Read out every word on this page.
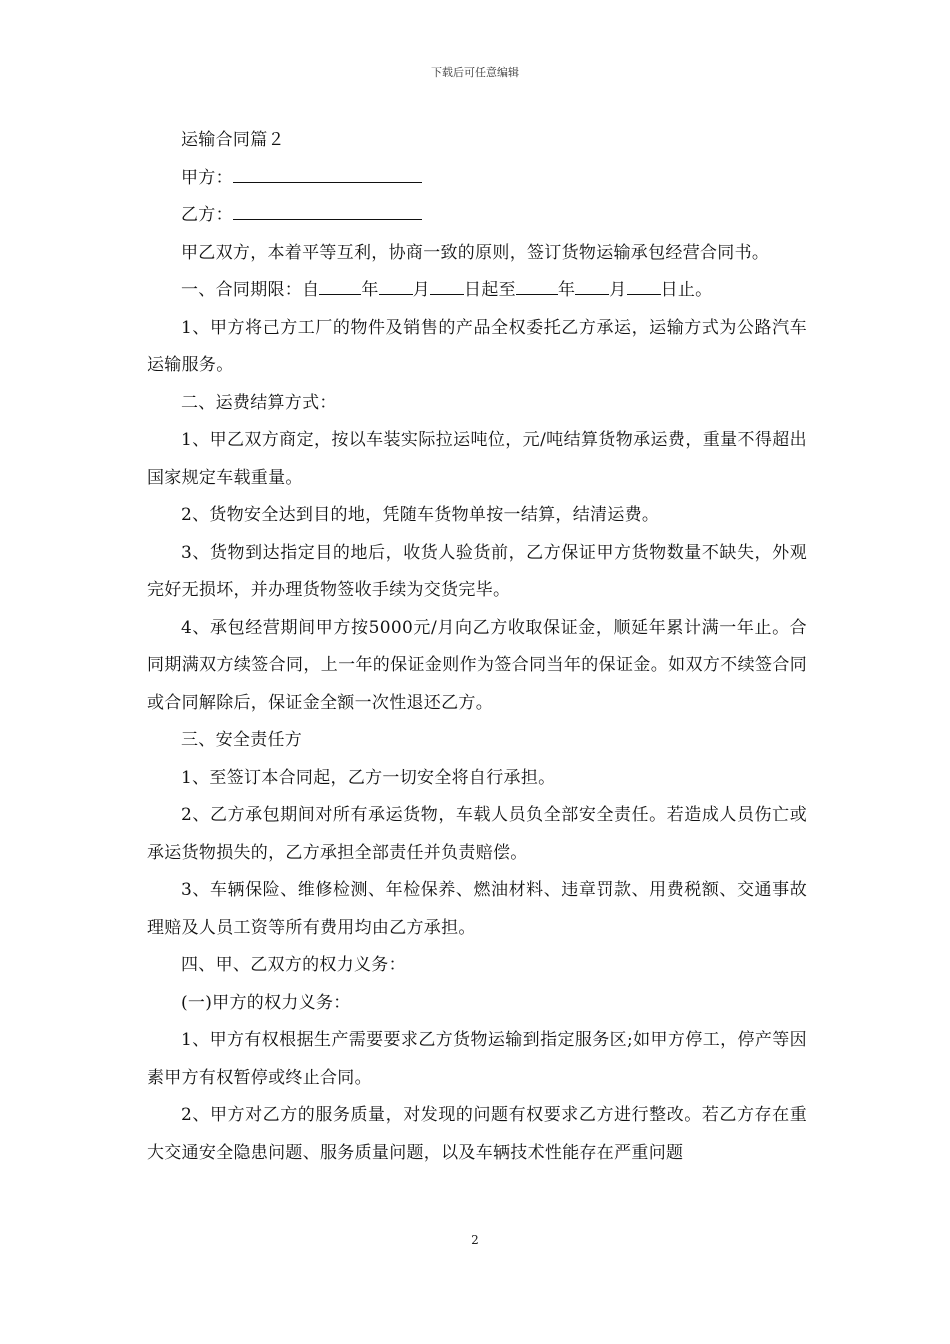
下载后可任意编辑

运输合同篇２

甲方：

乙方：

甲乙双方，本着平等互利，协商一致的原则，签订货物运输承包经营合同书。

一、合同期限：自 年 月 日起至 年 月 日止。

1、甲方将己方工厂的物件及销售的产品全权委托乙方承运，运输方式为公路汽车运输服务。

二、运费结算方式：

1、甲乙双方商定，按以车装实际拉运吨位，元/吨结算货物承运费，重量不得超出国家规定车载重量。

2、货物安全达到目的地，凭随车货物单按一结算，结清运费。

3、货物到达指定目的地后，收货人验货前，乙方保证甲方货物数量不缺失，外观完好无损坏，并办理货物签收手续为交货完毕。

4、承包经营期间甲方按5000元/月向乙方收取保证金，顺延年累计满一年止。合同期满双方续签合同，上一年的保证金则作为签合同当年的保证金。如双方不续签合同或合同解除后，保证金全额一次性退还乙方。

三、安全责任方

1、至签订本合同起，乙方一切安全将自行承担。

2、乙方承包期间对所有承运货物，车载人员负全部安全责任。若造成人员伤亡或承运货物损失的，乙方承担全部责任并负责赔偿。

3、车辆保险、维修检测、年检保养、燃油材料、违章罚款、用费税额、交通事故理赔及人员工资等所有费用均由乙方承担。

四、甲、乙双方的权力义务：

(一)甲方的权力义务：

1、甲方有权根据生产需要要求乙方货物运输到指定服务区;如甲方停工，停产等因素甲方有权暂停或终止合同。

2、甲方对乙方的服务质量，对发现的问题有权要求乙方进行整改。若乙方存在重大交通安全隐患问题、服务质量问题，以及车辆技术性能存在严重问题

2
